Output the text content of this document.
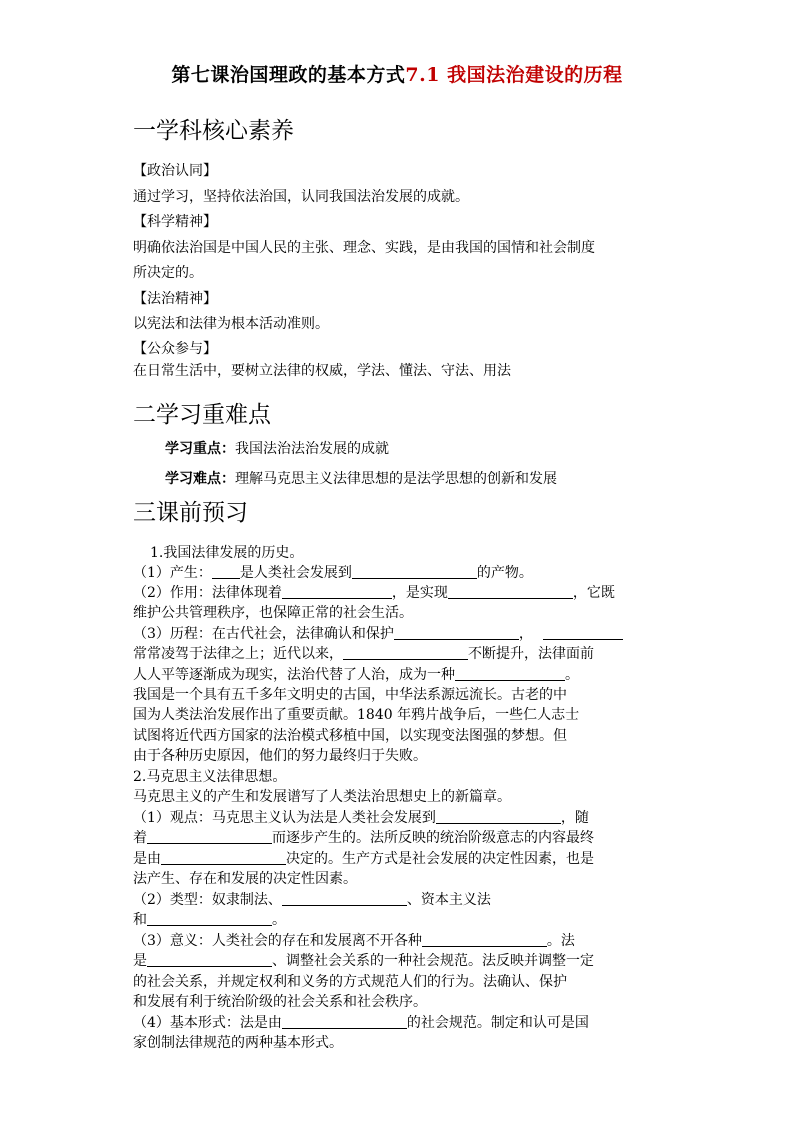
第七课治国理政的基本方式7.1 我国法治建设的历程
一学科核心素养
【政治认同】
通过学习，坚持依法治国，认同我国法治发展的成就。
【科学精神】
明确依法治国是中国人民的主张、理念、实践，是由我国的国情和社会制度
所决定的。
【法治精神】
以宪法和法律为根本活动准则。
【公众参与】
在日常生活中，要树立法律的权威，学法、懂法、守法、用法
二学习重难点
学习重点：我国法治法治发展的成就
学习难点：理解马克思主义法律思想的是法学思想的创新和发展
三课前预习
1.我国法律发展的历史。
（1）产生： 是人类社会发展到	的产物。
（2）作用：法律体现着	，是实现	，它既
维护公共管理秩序，也保障正常的社会生活。
（3）历程：在古代社会，法律确认和保护	，
常常凌驾于法律之上；近代以来，	不断提升，法律面前
人人平等逐渐成为现实，法治代替了人治，成为一种	。
我国是一个具有五千多年文明史的古国，中华法系源远流长。古老的中
国为人类法治发展作出了重要贡献。1840 年鸦片战争后，一些仁人志士
试图将近代西方国家的法治模式移植中国，以实现变法图强的梦想。但
由于各种历史原因，他们的努力最终归于失败。
2.马克思主义法律思想。
马克思主义的产生和发展谱写了人类法治思想史上的新篇章。
（1）观点：马克思主义认为法是人类社会发展到	，随
着	而逐步产生的。法所反映的统治阶级意志的内容最终
是由	决定的。生产方式是社会发展的决定性因素，也是
法产生、存在和发展的决定性因素。
（2）类型：奴隶制法、	、资本主义法
和	。
（3）意义：人类社会的存在和发展离不开各种	。法
是	、调整社会关系的一种社会规范。法反映并调整一定
的社会关系，并规定权利和义务的方式规范人们的行为。法确认、保护
和发展有利于统治阶级的社会关系和社会秩序。
（4）基本形式：法是由	的社会规范。制定和认可是国
家创制法律规范的两种基本形式。
